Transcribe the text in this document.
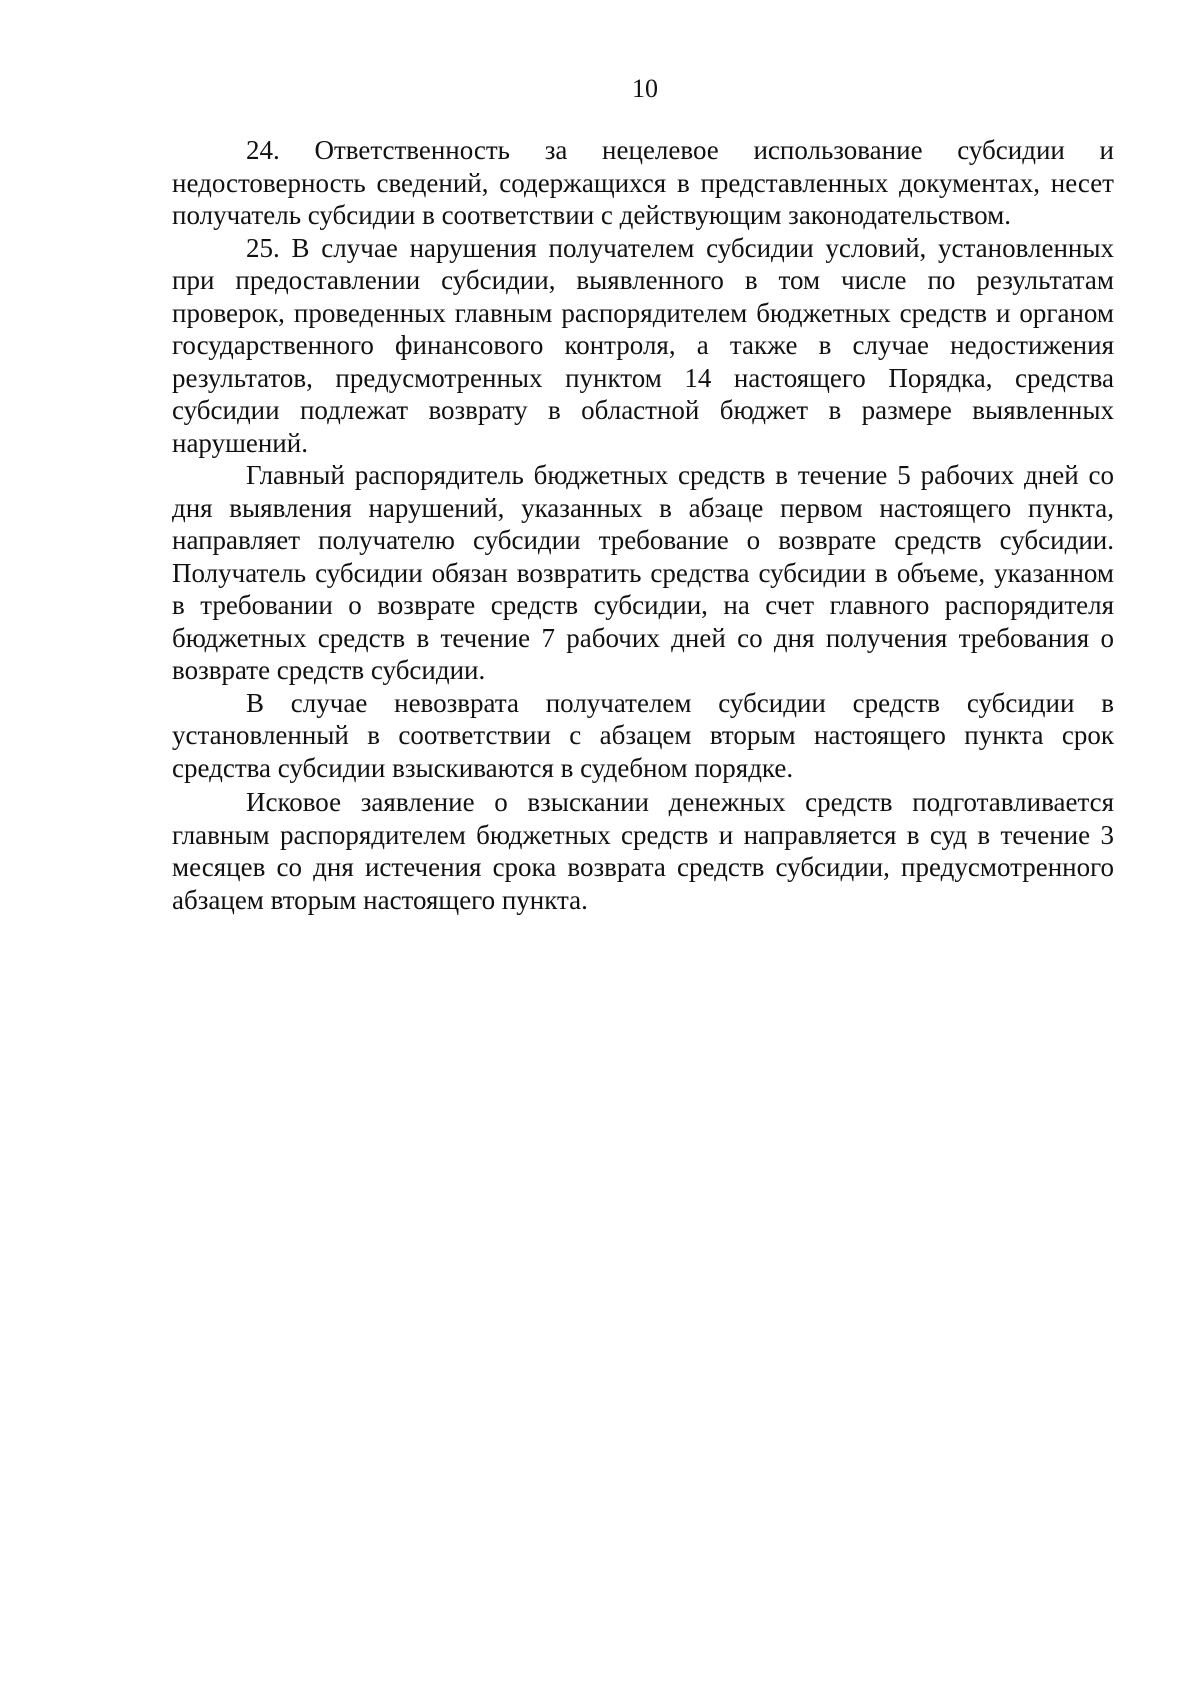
10

24. Ответственность за нецелевое использование субсидии и недостоверность сведений, содержащихся в представленных документах, несет получатель субсидии в соответствии с действующим законодательством.

25. В случае нарушения получателем субсидии условий, установленных при предоставлении субсидии, выявленного в том числе по результатам проверок, проведенных главным распорядителем бюджетных средств и органом государственного финансового контроля, а также в случае недостижения результатов, предусмотренных пунктом 14 настоящего Порядка, средства субсидии подлежат возврату в областной бюджет в размере выявленных нарушений.

Главный распорядитель бюджетных средств в течение 5 рабочих дней со дня выявления нарушений, указанных в абзаце первом настоящего пункта, направляет получателю субсидии требование о возврате средств субсидии. Получатель субсидии обязан возвратить средства субсидии в объеме, указанном в требовании о возврате средств субсидии, на счет главного распорядителя бюджетных средств в течение 7 рабочих дней со дня получения требования о возврате средств субсидии.

В случае невозврата получателем субсидии средств субсидии в установленный в соответствии с абзацем вторым настоящего пункта срок средства субсидии взыскиваются в судебном порядке.

Исковое заявление о взыскании денежных средств подготавливается главным распорядителем бюджетных средств и направляется в суд в течение 3 месяцев со дня истечения срока возврата средств субсидии, предусмотренного абзацем вторым настоящего пункта.
